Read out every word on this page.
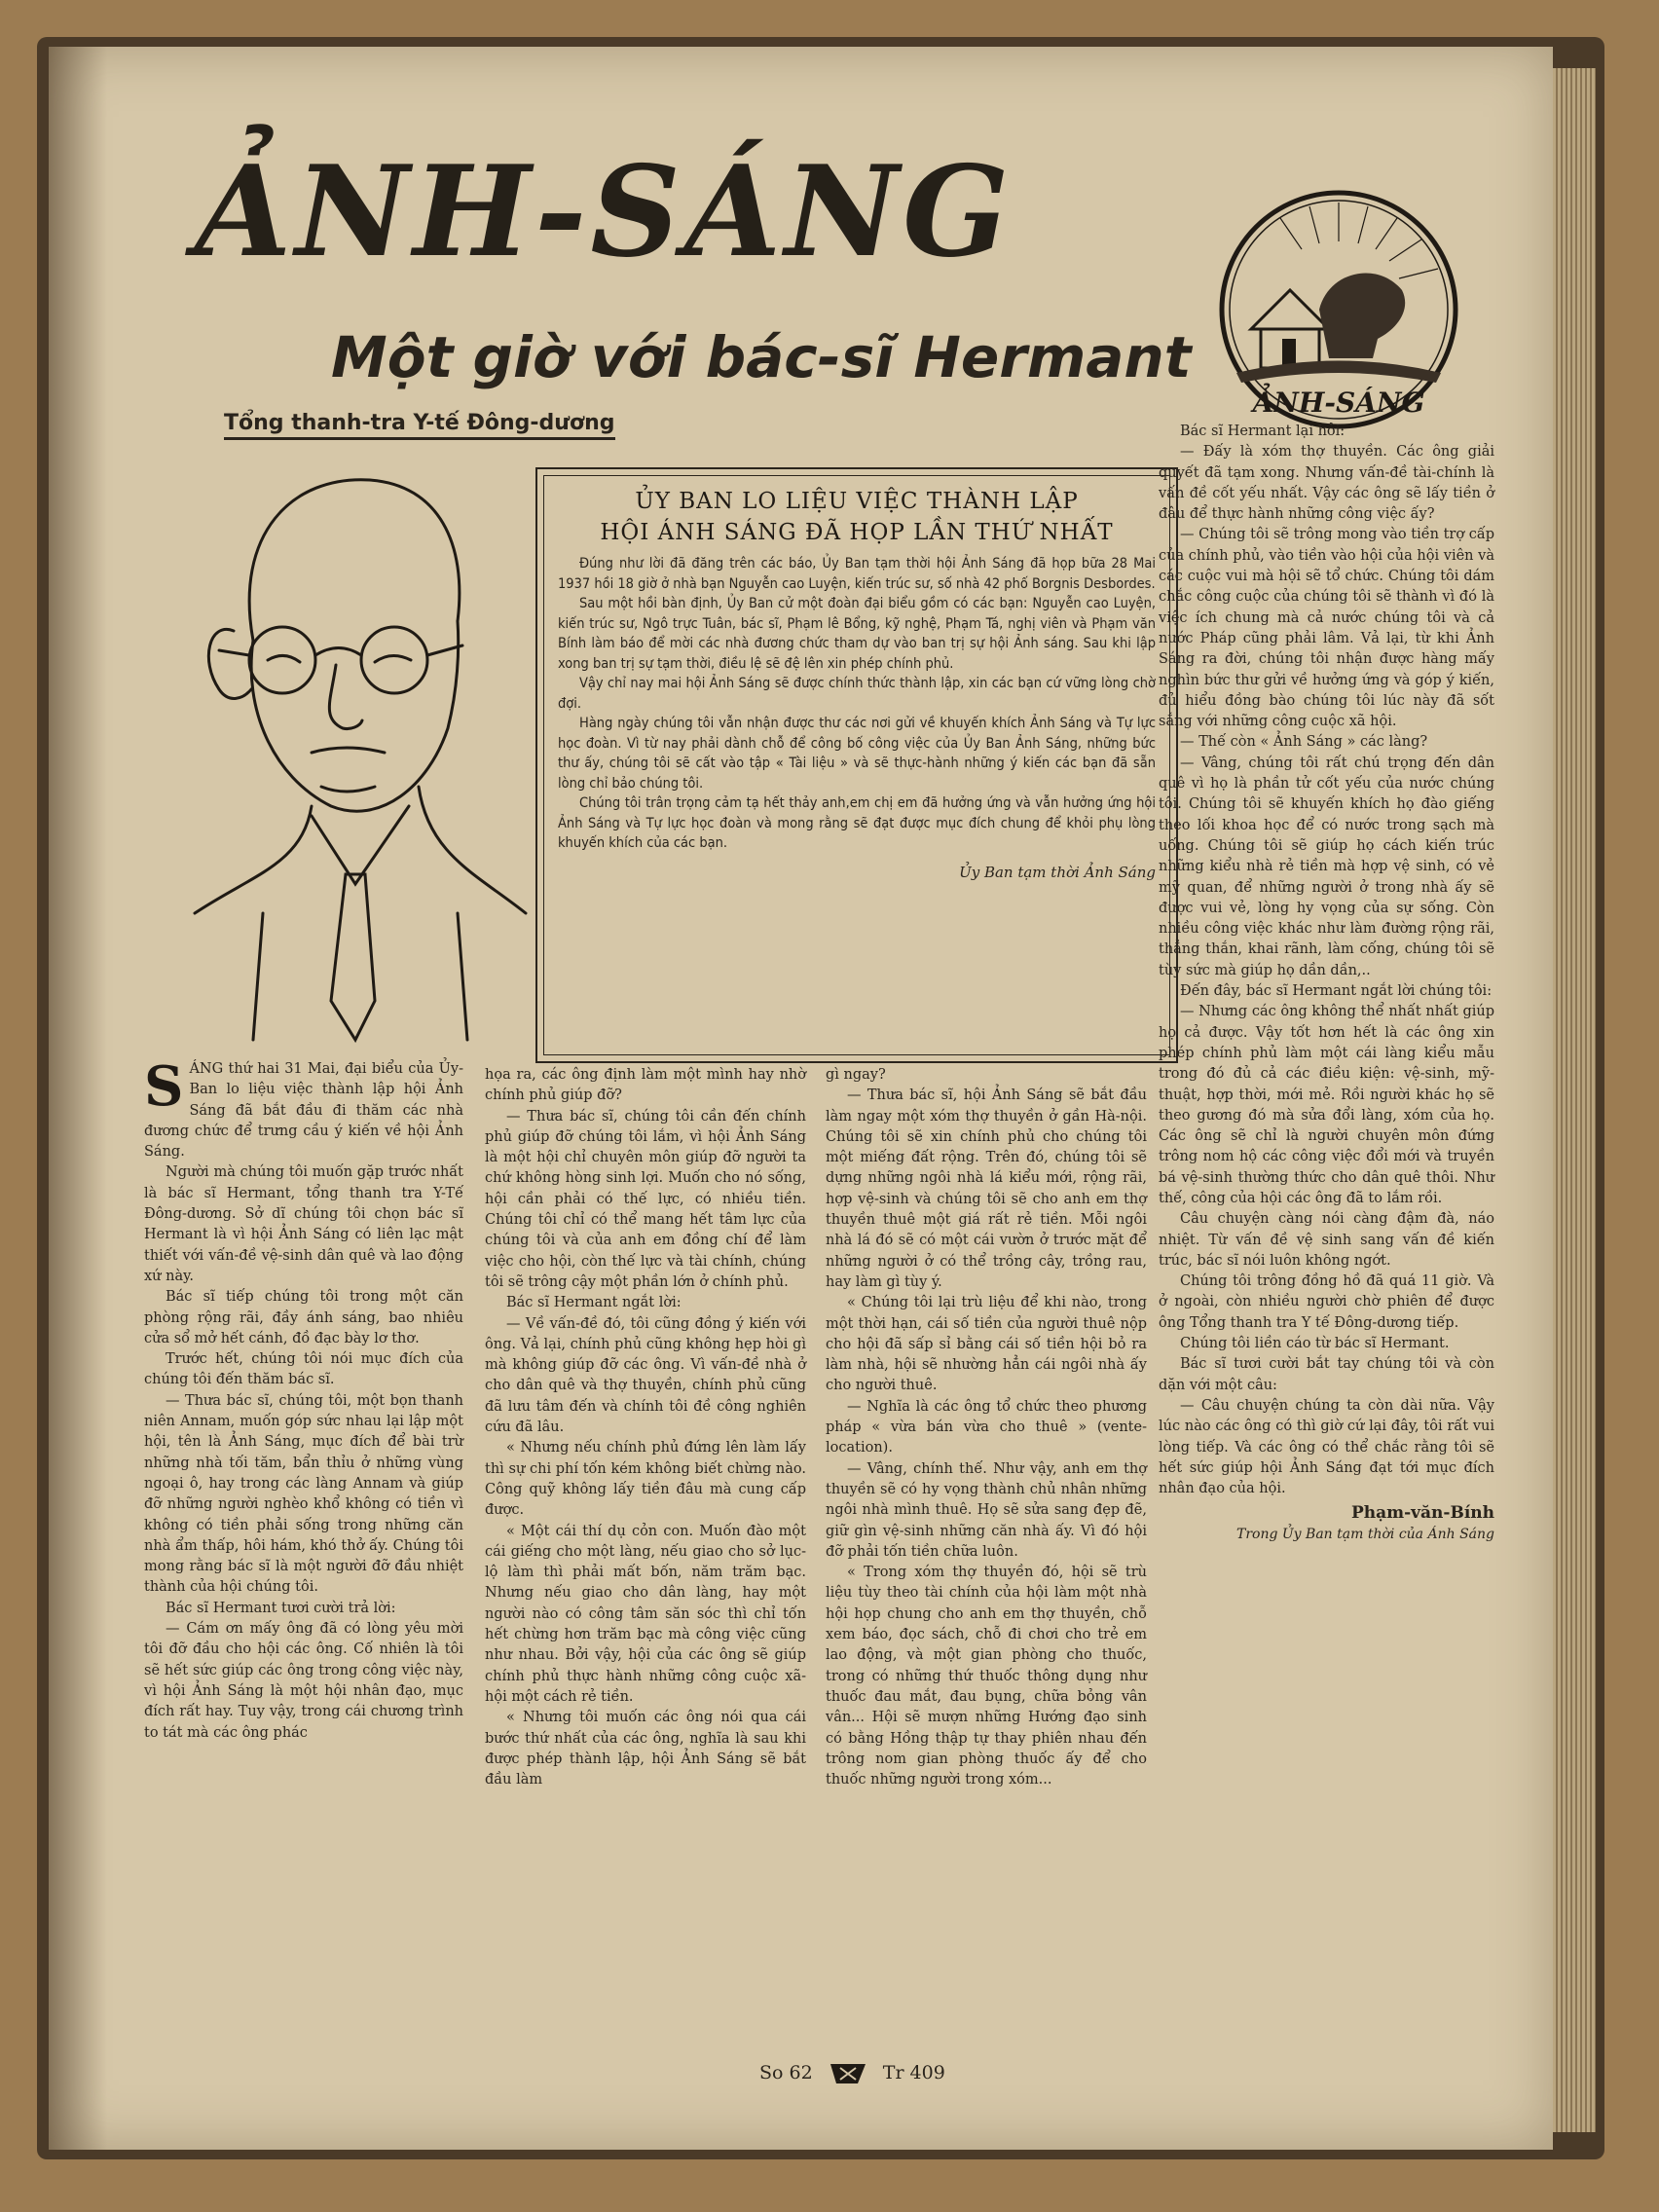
ẢNH-SÁNG
Một giờ với bác-sĩ Hermant
Tổng thanh-tra Y-tế Đông-dương
ẢNH-SÁNG
ỦY BAN LO LIỆU VIỆC THÀNH LẬP
HỘI ÁNH SÁNG ĐÃ HỌP LẦN THỨ NHẤT

Đúng như lời đã đăng trên các báo, Ủy Ban tạm thời hội Ảnh Sáng đã họp bữa 28 Mai 1937 hồi 18 giờ ở nhà bạn Nguyễn cao Luyện, kiến trúc sư, số nhà 42 phố Borgnis Desbordes.

Sau một hồi bàn định, Ủy Ban cử một đoàn đại biểu gồm có các bạn: Nguyễn cao Luyện, kiến trúc sư, Ngô trực Tuân, bác sĩ, Phạm lê Bổng, kỹ nghệ, Phạm Tá, nghị viên và Phạm văn Bính làm báo để mời các nhà đương chức tham dự vào ban trị sự hội Ảnh sáng. Sau khi lập xong ban trị sự tạm thời, điều lệ sẽ đệ lên xin phép chính phủ.

Vậy chỉ nay mai hội Ảnh Sáng sẽ được chính thức thành lập, xin các bạn cứ vững lòng chờ đợi.

Hàng ngày chúng tôi vẫn nhận được thư các nơi gửi về khuyến khích Ảnh Sáng và Tự lực học đoàn. Vì từ nay phải dành chỗ để công bố công việc của Ủy Ban Ảnh Sáng, những bức thư ấy, chúng tôi sẽ cất vào tập « Tài liệu » và sẽ thực-hành những ý kiến các bạn đã sẵn lòng chỉ bảo chúng tôi.

Chúng tôi trân trọng cảm tạ hết thảy anh,em chị em đã hưởng ứng và vẫn hưởng ứng hội Ảnh Sáng và Tự lực học đoàn và mong rằng sẽ đạt được mục đích chung để khỏi phụ lòng khuyến khích của các bạn.

Ủy Ban tạm thời Ảnh Sáng

SÁNG thứ hai 31 Mai, đại biểu của Ủy-Ban lo liệu việc thành lập hội Ảnh Sáng đã bắt đầu đi thăm các nhà đương chức để trưng cầu ý kiến về hội Ảnh Sáng.

Người mà chúng tôi muốn gặp trước nhất là bác sĩ Hermant, tổng thanh tra Y-Tế Đông-dương. Sở dĩ chúng tôi chọn bác sĩ Hermant là vì hội Ảnh Sáng có liên lạc mật thiết với vấn-đề vệ-sinh dân quê và lao động xứ này.

Bác sĩ tiếp chúng tôi trong một căn phòng rộng rãi, đầy ánh sáng, bao nhiêu cửa sổ mở hết cánh, đồ đạc bày lơ thơ.

Trước hết, chúng tôi nói mục đích của chúng tôi đến thăm bác sĩ.

— Thưa bác sĩ, chúng tôi, một bọn thanh niên Annam, muốn góp sức nhau lại lập một hội, tên là Ảnh Sáng, mục đích để bài trừ những nhà tối tăm, bẩn thỉu ở những vùng ngoại ô, hay trong các làng Annam và giúp đỡ những người nghèo khổ không có tiền vì không có tiền phải sống trong những căn nhà ẩm thấp, hôi hám, khó thở ấy. Chúng tôi mong rằng bác sĩ là một người đỡ đầu nhiệt thành của hội chúng tôi.

Bác sĩ Hermant tươi cười trả lời:

— Cám ơn mấy ông đã có lòng yêu mời tôi đỡ đầu cho hội các ông. Cố nhiên là tôi sẽ hết sức giúp các ông trong công việc này, vì hội Ảnh Sáng là một hội nhân đạo, mục đích rất hay. Tuy vậy, trong cái chương trình to tát mà các ông phác

họa ra, các ông định làm một mình hay nhờ chính phủ giúp đỡ?

— Thưa bác sĩ, chúng tôi cần đến chính phủ giúp đỡ chúng tôi lắm, vì hội Ảnh Sáng là một hội chỉ chuyên môn giúp đỡ người ta chứ không hòng sinh lợi. Muốn cho nó sống, hội cần phải có thế lực, có nhiều tiền. Chúng tôi chỉ có thể mang hết tâm lực của chúng tôi và của anh em đồng chí để làm việc cho hội, còn thế lực và tài chính, chúng tôi sẽ trông cậy một phần lớn ở chính phủ.

Bác sĩ Hermant ngắt lời:

— Về vấn-đề đó, tôi cũng đồng ý kiến với ông. Vả lại, chính phủ cũng không hẹp hòi gì mà không giúp đỡ các ông. Vì vấn-đề nhà ở cho dân quê và thợ thuyền, chính phủ cũng đã lưu tâm đến và chính tôi đề công nghiên cứu đã lâu.

« Nhưng nếu chính phủ đứng lên làm lấy thì sự chi phí tốn kém không biết chừng nào. Công quỹ không lấy tiền đâu mà cung cấp được.

« Một cái thí dụ cỏn con. Muốn đào một cái giếng cho một làng, nếu giao cho sở lục-lộ làm thì phải mất bốn, năm trăm bạc. Nhưng nếu giao cho dân làng, hay một người nào có công tâm săn sóc thì chỉ tốn hết chừng hơn trăm bạc mà công việc cũng như nhau. Bởi vậy, hội của các ông sẽ giúp chính phủ thực hành những công cuộc xã-hội một cách rẻ tiền.

« Nhưng tôi muốn các ông nói qua cái bước thứ nhất của các ông, nghĩa là sau khi được phép thành lập, hội Ảnh Sáng sẽ bắt đầu làm

gì ngay?

— Thưa bác sĩ, hội Ảnh Sáng sẽ bắt đầu làm ngay một xóm thợ thuyền ở gần Hà-nội. Chúng tôi sẽ xin chính phủ cho chúng tôi một miếng đất rộng. Trên đó, chúng tôi sẽ dựng những ngôi nhà lá kiểu mới, rộng rãi, hợp vệ-sinh và chúng tôi sẽ cho anh em thợ thuyền thuê một giá rất rẻ tiền. Mỗi ngôi nhà lá đó sẽ có một cái vườn ở trước mặt để những người ở có thể trồng cây, trồng rau, hay làm gì tùy ý.

« Chúng tôi lại trù liệu để khi nào, trong một thời hạn, cái số tiền của người thuê nộp cho hội đã sấp sỉ bằng cái số tiền hội bỏ ra làm nhà, hội sẽ nhường hẳn cái ngôi nhà ấy cho người thuê.

— Nghĩa là các ông tổ chức theo phương pháp « vừa bán vừa cho thuê » (vente-location).

— Vâng, chính thế. Như vậy, anh em thợ thuyền sẽ có hy vọng thành chủ nhân những ngôi nhà mình thuê. Họ sẽ sửa sang đẹp đẽ, giữ gìn vệ-sinh những căn nhà ấy. Vì đó hội đỡ phải tốn tiền chữa luôn.

« Trong xóm thợ thuyền đó, hội sẽ trù liệu tùy theo tài chính của hội làm một nhà hội họp chung cho anh em thợ thuyền, chỗ xem báo, đọc sách, chỗ đi chơi cho trẻ em lao động, và một gian phòng cho thuốc, trong có những thứ thuốc thông dụng như thuốc đau mắt, đau bụng, chữa bỏng vân vân... Hội sẽ mượn những Hướng đạo sinh có bằng Hồng thập tự thay phiên nhau đến trông nom gian phòng thuốc ấy để cho thuốc những người trong xóm...

Bác sĩ Hermant lại hỏi:

— Đấy là xóm thợ thuyền. Các ông giải quyết đã tạm xong. Nhưng vấn-đề tài-chính là vấn đề cốt yếu nhất. Vậy các ông sẽ lấy tiền ở đâu để thực hành những công việc ấy?

— Chúng tôi sẽ trông mong vào tiền trợ cấp của chính phủ, vào tiền vào hội của hội viên và các cuộc vui mà hội sẽ tổ chức. Chúng tôi dám chắc công cuộc của chúng tôi sẽ thành vì đó là việc ích chung mà cả nước chúng tôi và cả nước Pháp cũng phải lâm. Vả lại, từ khi Ảnh Sáng ra đời, chúng tôi nhận được hàng mấy nghìn bức thư gửi về hưởng ứng và góp ý kiến, đủ hiểu đồng bào chúng tôi lúc này đã sốt sắng với những công cuộc xã hội.

— Thế còn « Ảnh Sáng » các làng?

— Vâng, chúng tôi rất chú trọng đến dân quê vì họ là phần tử cốt yếu của nước chúng tôi. Chúng tôi sẽ khuyến khích họ đào giếng theo lối khoa học để có nước trong sạch mà uống. Chúng tôi sẽ giúp họ cách kiến trúc những kiểu nhà rẻ tiền mà hợp vệ sinh, có vẻ mỹ quan, để những người ở trong nhà ấy sẽ được vui vẻ, lòng hy vọng của sự sống. Còn nhiều công việc khác như làm đường rộng rãi, thẳng thắn, khai rãnh, làm cống, chúng tôi sẽ tùy sức mà giúp họ dần dần,..

Đến đây, bác sĩ Hermant ngắt lời chúng tôi:

— Nhưng các ông không thể nhất nhất giúp họ cả được. Vậy tốt hơn hết là các ông xin phép chính phủ làm một cái làng kiểu mẫu trong đó đủ cả các điều kiện: vệ-sinh, mỹ-thuật, hợp thời, mới mẻ. Rồi người khác họ sẽ theo gương đó mà sửa đổi làng, xóm của họ. Các ông sẽ chỉ là người chuyên môn đứng trông nom hộ các công việc đổi mới và truyền bá vệ-sinh thường thức cho dân quê thôi. Như thế, công của hội các ông đã to lắm rồi.

Câu chuyện càng nói càng đậm đà, náo nhiệt. Từ vấn đề vệ sinh sang vấn đề kiến trúc, bác sĩ nói luôn không ngớt.

Chúng tôi trông đồng hồ đã quá 11 giờ. Và ở ngoài, còn nhiều người chờ phiên để được ông Tổng thanh tra Y tế Đông-dương tiếp.

Chúng tôi liền cáo từ bác sĩ Hermant.

Bác sĩ tươi cười bắt tay chúng tôi và còn dặn với một câu:

— Câu chuyện chúng ta còn dài nữa. Vậy lúc nào các ông có thì giờ cứ lại đây, tôi rất vui lòng tiếp. Và các ông có thể chắc rằng tôi sẽ hết sức giúp hội Ảnh Sáng đạt tới mục đích nhân đạo của hội.

Phạm-văn-Bính
Trong Ủy Ban tạm thời của Ánh Sáng
So 62	Tr 409
